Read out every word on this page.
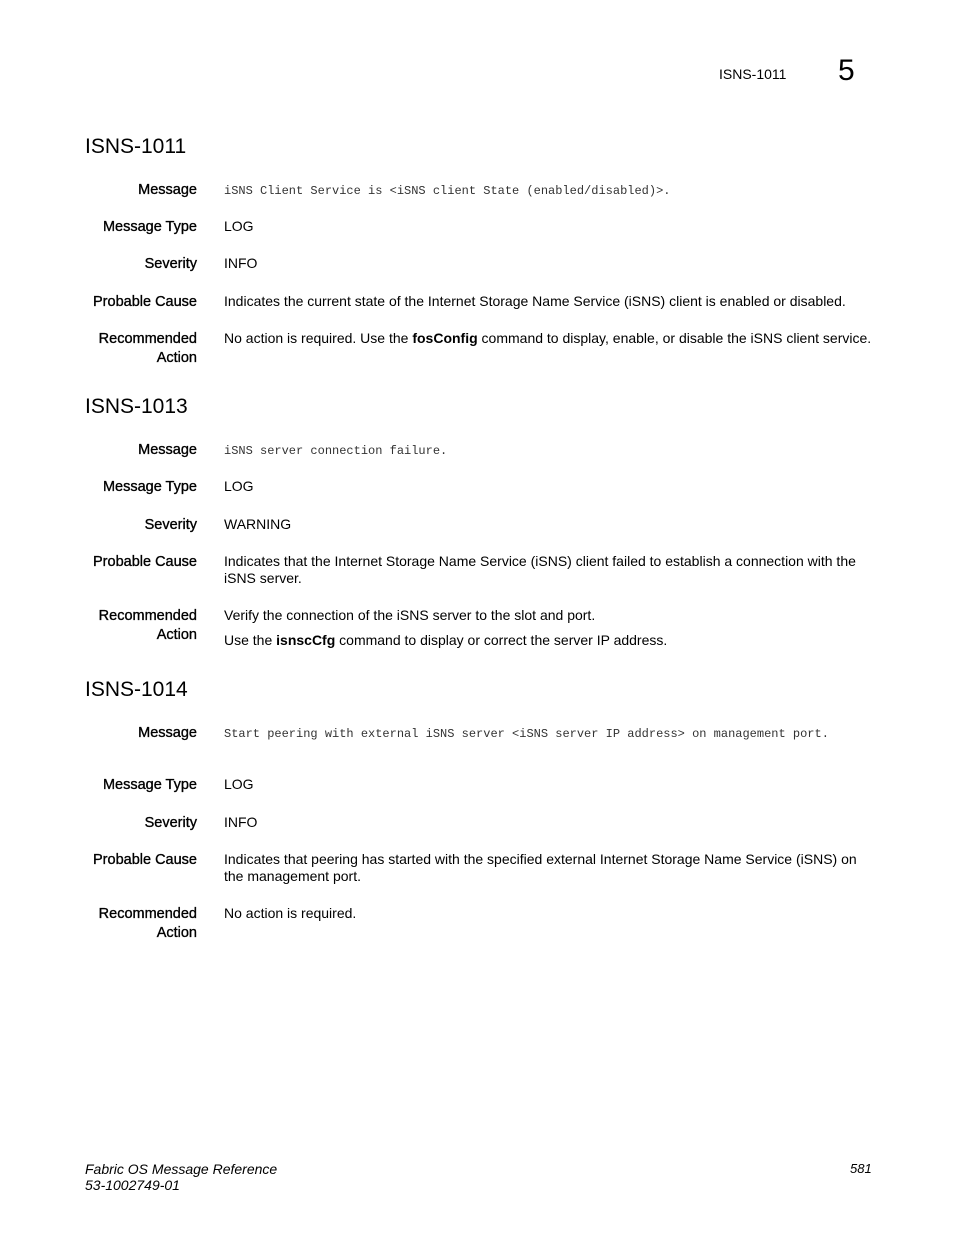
ISNS-1011 5
ISNS-1011
Message iSNS Client Service is <iSNS client State (enabled/disabled)>.
Message Type LOG
Severity INFO
Probable Cause Indicates the current state of the Internet Storage Name Service (iSNS) client is enabled or disabled.
Recommended
Action
No action is required. Use the fosConfig command to display, enable, or disable the iSNS client service.
ISNS-1013
Message iSNS server connection failure.
Message Type LOG
Severity WARNING
Probable Cause Indicates that the Internet Storage Name Service (iSNS) client failed to establish a connection with the iSNS server.
Recommended
Action
Verify the connection of the iSNS server to the slot and port.
Use the isnscCfg command to display or correct the server IP address.
ISNS-1014
Message Start peering with external iSNS server <iSNS server IP address> on management port.
Message Type LOG
Severity INFO
Probable Cause Indicates that peering has started with the specified external Internet Storage Name Service (iSNS) on the management port.
Recommended
Action
No action is required.
Fabric OS Message Reference
53-1002749-01
581
